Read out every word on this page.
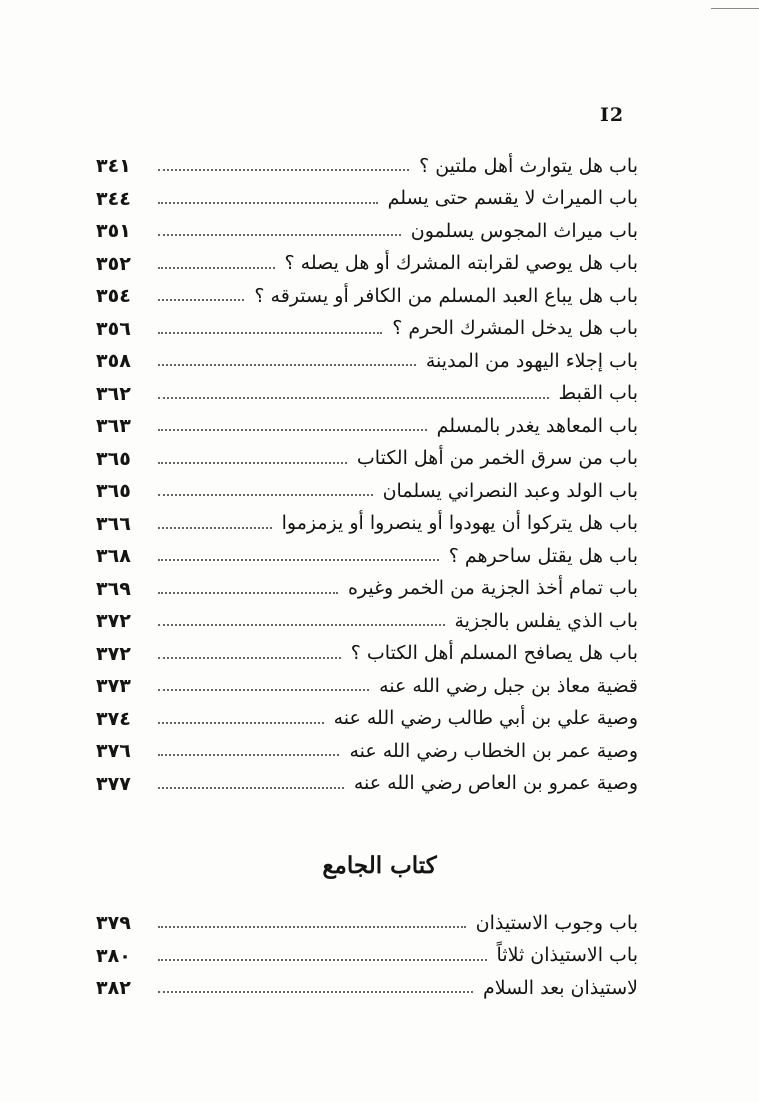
I2
باب هل يتوارث أهل ملتين ؟
٣٤١
باب الميراث لا يقسم حتى يسلم
٣٤٤
باب ميراث المجوس يسلمون
٣٥١
باب هل يوصي لقرابته المشرك أو هل يصله ؟
٣٥٢
باب هل يباع العبد المسلم من الكافر أو يسترقه ؟
٣٥٤
باب هل يدخل المشرك الحرم ؟
٣٥٦
باب إجلاء اليهود من المدينة
٣٥٨
باب القبط
٣٦٢
باب المعاهد يغدر بالمسلم
٣٦٣
باب من سرق الخمر من أهل الكتاب
٣٦٥
باب الولد وعبد النصراني يسلمان
٣٦٥
باب هل يتركوا أن يهودوا أو ينصروا أو يزمزموا
٣٦٦
باب هل يقتل ساحرهم ؟
٣٦٨
باب تمام أخذ الجزية من الخمر وغيره
٣٦٩
باب الذي يفلس بالجزية
٣٧٢
باب هل يصافح المسلم أهل الكتاب ؟
٣٧٢
قضية معاذ بن جبل رضي الله عنه
٣٧٣
وصية علي بن أبي طالب رضي الله عنه
٣٧٤
وصية عمر بن الخطاب رضي الله عنه
٣٧٦
وصية عمرو بن العاص رضي الله عنه
٣٧٧
كتاب الجامع
باب وجوب الاستيذان
٣٧٩
باب الاستيذان ثلاثاً
٣٨٠
لاستيذان بعد السلام
٣٨٢
